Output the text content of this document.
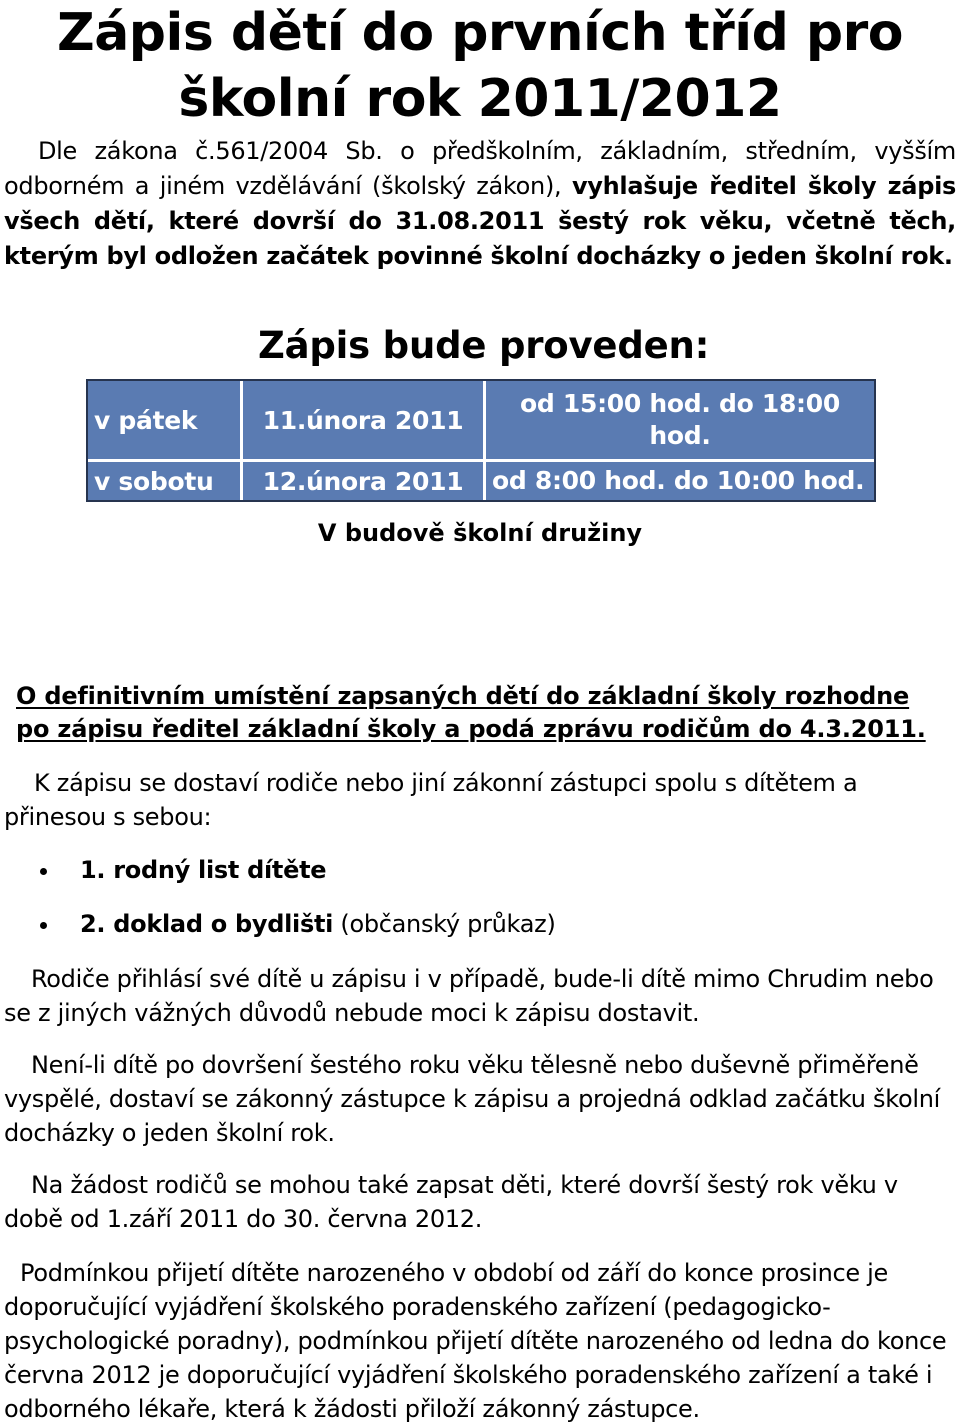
Zápis dětí do prvních tříd pro
školní rok 2011/2012

Dle zákona č.561/2004 Sb. o předškolním, základním, středním, vyšším odborném a jiném vzdělávání (školský zákon), vyhlašuje ředitel školy zápis všech dětí, které dovrší do 31.08.2011 šestý rok věku, včetně těch, kterým byl odložen začátek povinné školní docházky o jeden školní rok.

Zápis bude proveden:
v pátek	11.února 2011	od 15:00 hod. do 18:00 hod.
v sobotu	12.února 2011	od 8:00 hod. do 10:00 hod.
V budově školní družiny
O definitivním umístění zapsaných dětí do základní školy rozhodne po zápisu ředitel základní školy a podá zprávu rodičům do 4.3.2011.

K zápisu se dostaví rodiče nebo jiní zákonní zástupci spolu s dítětem a přinesou s sebou:

1. rodný list dítěte
2. doklad o bydlišti (občanský průkaz)

Rodiče přihlásí své dítě u zápisu i v případě, bude-li dítě mimo Chrudim nebo se z jiných vážných důvodů nebude moci k zápisu dostavit.

Není-li dítě po dovršení šestého roku věku tělesně nebo duševně přiměřeně vyspělé, dostaví se zákonný zástupce k zápisu a projedná odklad začátku školní docházky o jeden školní rok.

Na žádost rodičů se mohou také zapsat děti, které dovrší šestý rok věku v době od 1.září 2011 do 30. června 2012.

Podmínkou přijetí dítěte narozeného v období od září do konce prosince je doporučující vyjádření školského poradenského zařízení (pedagogicko-psychologické poradny), podmínkou přijetí dítěte narozeného od ledna do konce června 2012 je doporučující vyjádření školského poradenského zařízení a také i odborného lékaře, která k žádosti přiloží zákonný zástupce.
